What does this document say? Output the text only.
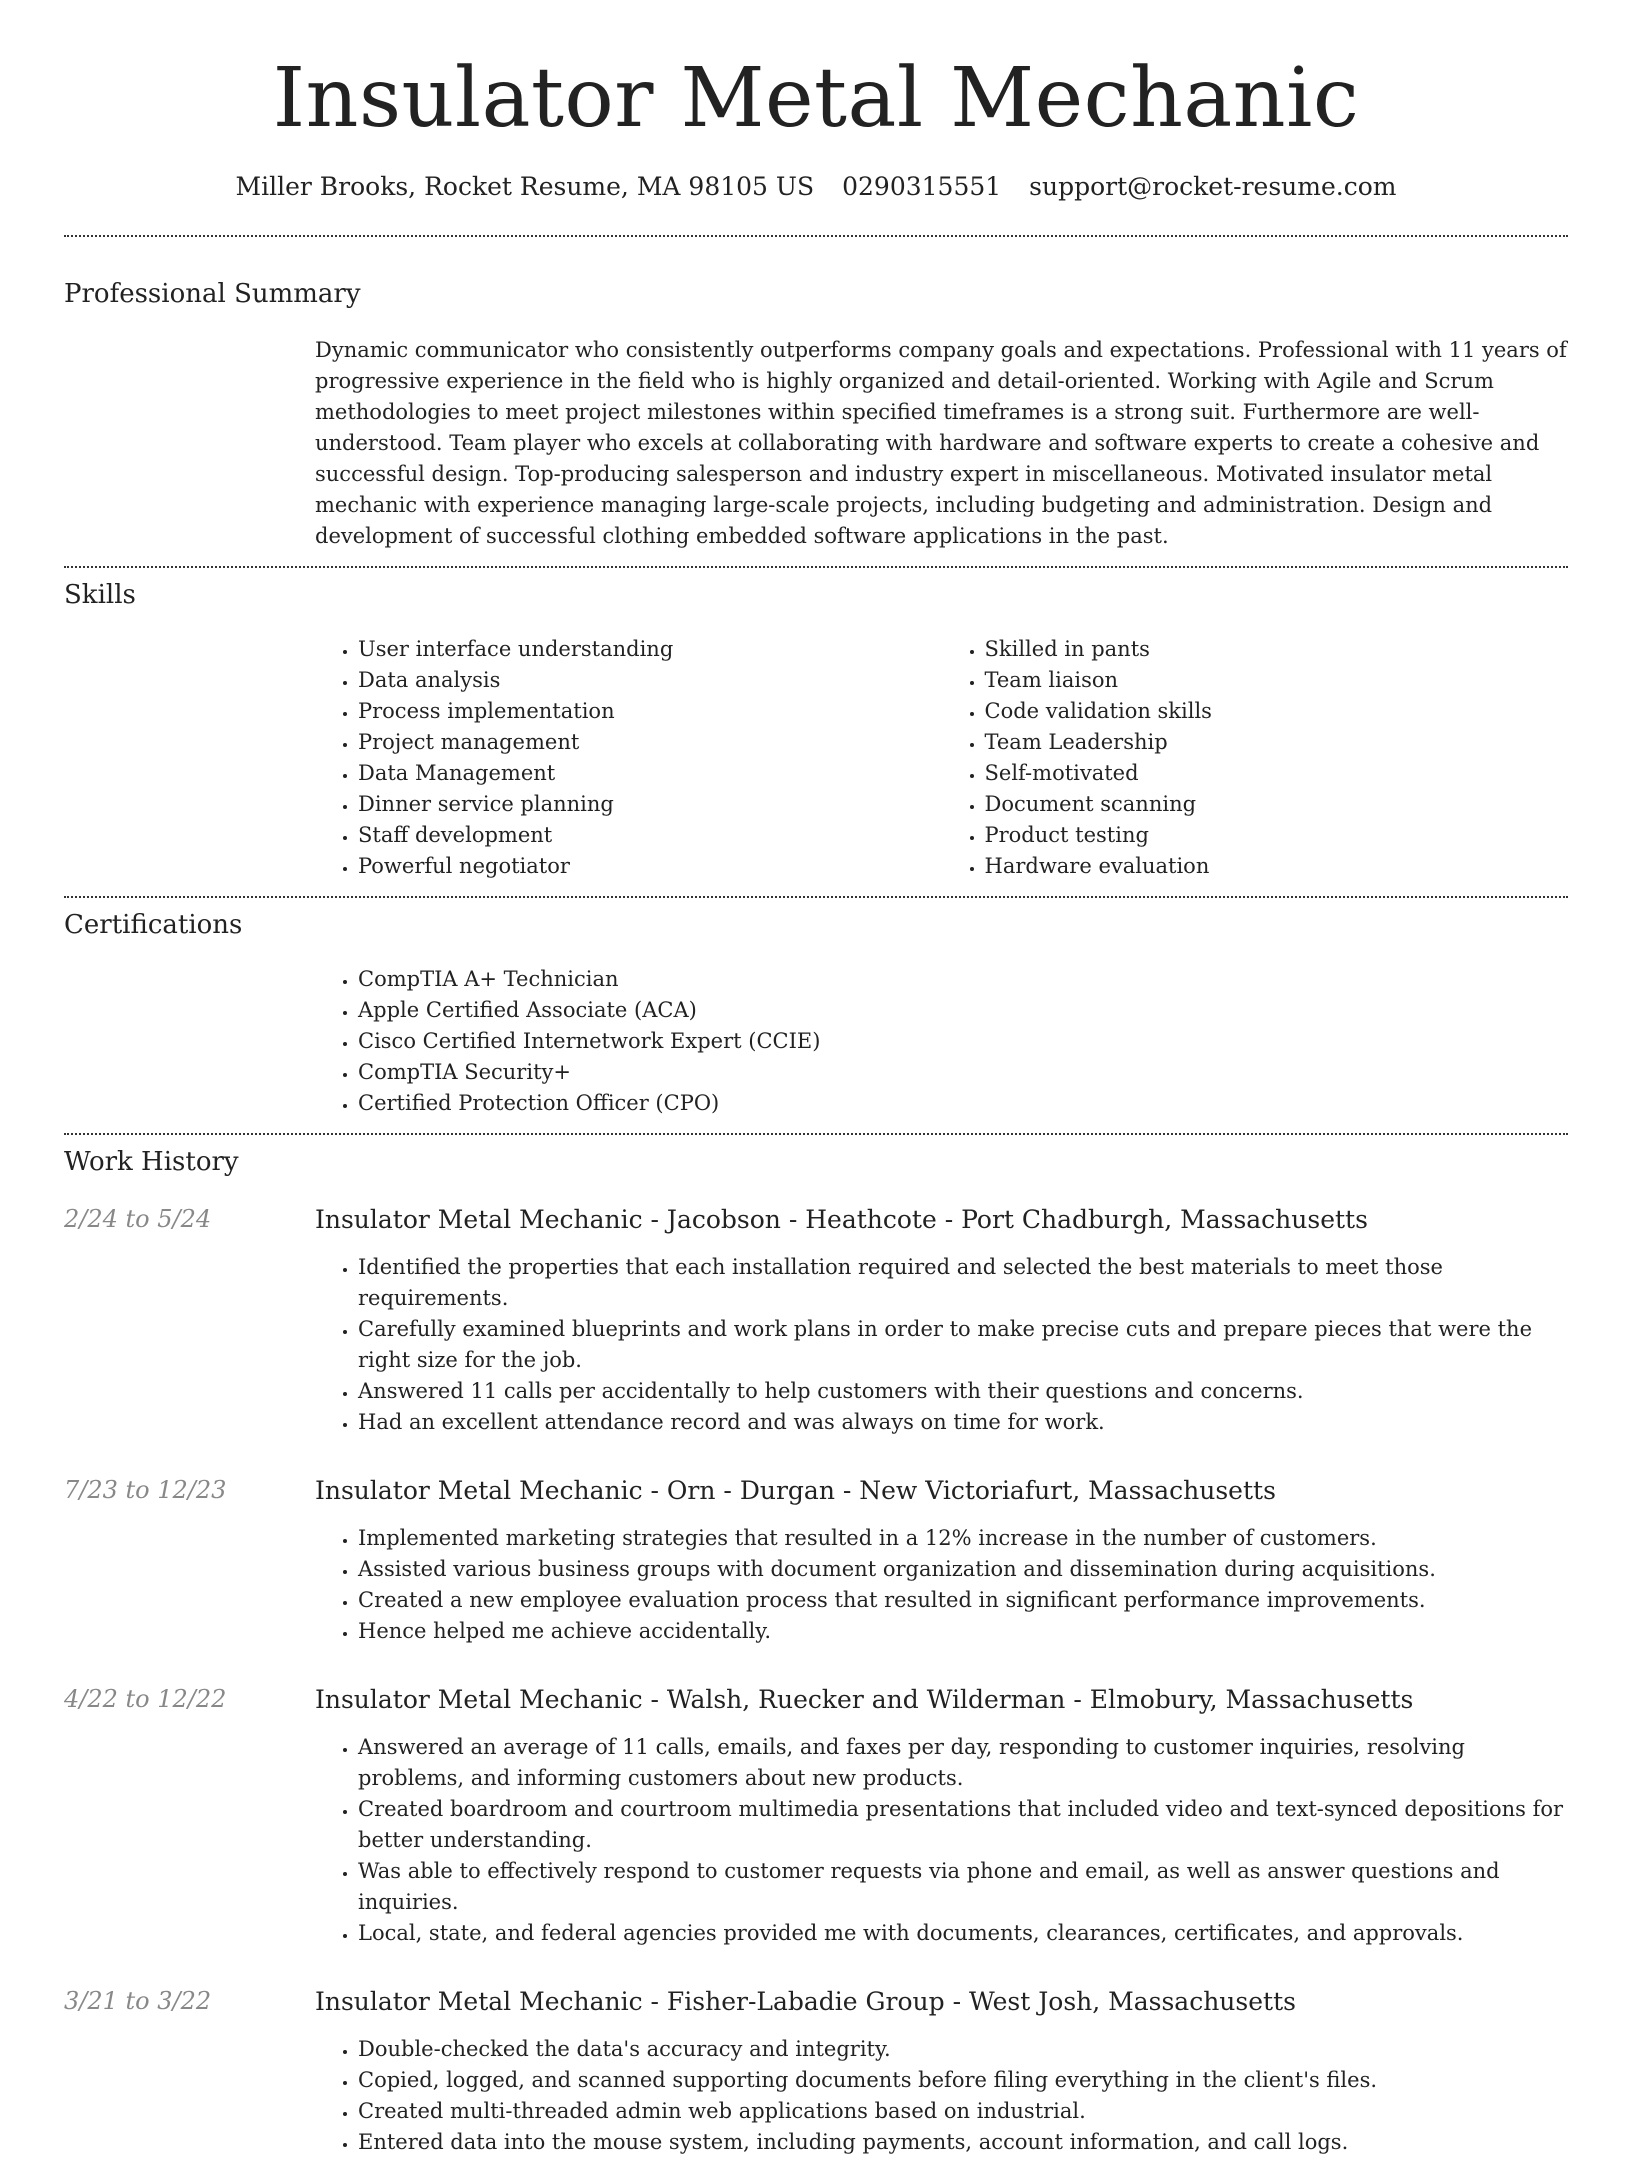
Insulator Metal Mechanic
Miller Brooks, Rocket Resume, MA 98105 US 0290315551 support@rocket-resume.com
Professional Summary
Dynamic communicator who consistently outperforms company goals and expectations. Professional with 11 years of progressive experience in the field who is highly organized and detail-oriented. Working with Agile and Scrum methodologies to meet project milestones within specified timeframes is a strong suit. Furthermore are well-understood. Team player who excels at collaborating with hardware and software experts to create a cohesive and successful design. Top-producing salesperson and industry expert in miscellaneous. Motivated insulator metal mechanic with experience managing large-scale projects, including budgeting and administration. Design and development of successful clothing embedded software applications in the past.
Skills
• User interface understanding
• Data analysis
• Process implementation
• Project management
• Data Management
• Dinner service planning
• Staff development
• Powerful negotiator
• Skilled in pants
• Team liaison
• Code validation skills
• Team Leadership
• Self-motivated
• Document scanning
• Product testing
• Hardware evaluation
Certifications
• CompTIA A+ Technician
• Apple Certified Associate (ACA)
• Cisco Certified Internetwork Expert (CCIE)
• CompTIA Security+
• Certified Protection Officer (CPO)
Work History
2/24 to 5/24	Insulator Metal Mechanic - Jacobson - Heathcote - Port Chadburgh, Massachusetts
• Identified the properties that each installation required and selected the best materials to meet those requirements.
• Carefully examined blueprints and work plans in order to make precise cuts and prepare pieces that were the right size for the job.
• Answered 11 calls per accidentally to help customers with their questions and concerns.
• Had an excellent attendance record and was always on time for work.
7/23 to 12/23	Insulator Metal Mechanic - Orn - Durgan - New Victoriafurt, Massachusetts
• Implemented marketing strategies that resulted in a 12% increase in the number of customers.
• Assisted various business groups with document organization and dissemination during acquisitions.
• Created a new employee evaluation process that resulted in significant performance improvements.
• Hence helped me achieve accidentally.
4/22 to 12/22	Insulator Metal Mechanic - Walsh, Ruecker and Wilderman - Elmobury, Massachusetts
• Answered an average of 11 calls, emails, and faxes per day, responding to customer inquiries, resolving problems, and informing customers about new products.
• Created boardroom and courtroom multimedia presentations that included video and text-synced depositions for better understanding.
• Was able to effectively respond to customer requests via phone and email, as well as answer questions and inquiries.
• Local, state, and federal agencies provided me with documents, clearances, certificates, and approvals.
3/21 to 3/22	Insulator Metal Mechanic - Fisher-Labadie Group - West Josh, Massachusetts
• Double-checked the data's accuracy and integrity.
• Copied, logged, and scanned supporting documents before filing everything in the client's files.
• Created multi-threaded admin web applications based on industrial.
• Entered data into the mouse system, including payments, account information, and call logs.
